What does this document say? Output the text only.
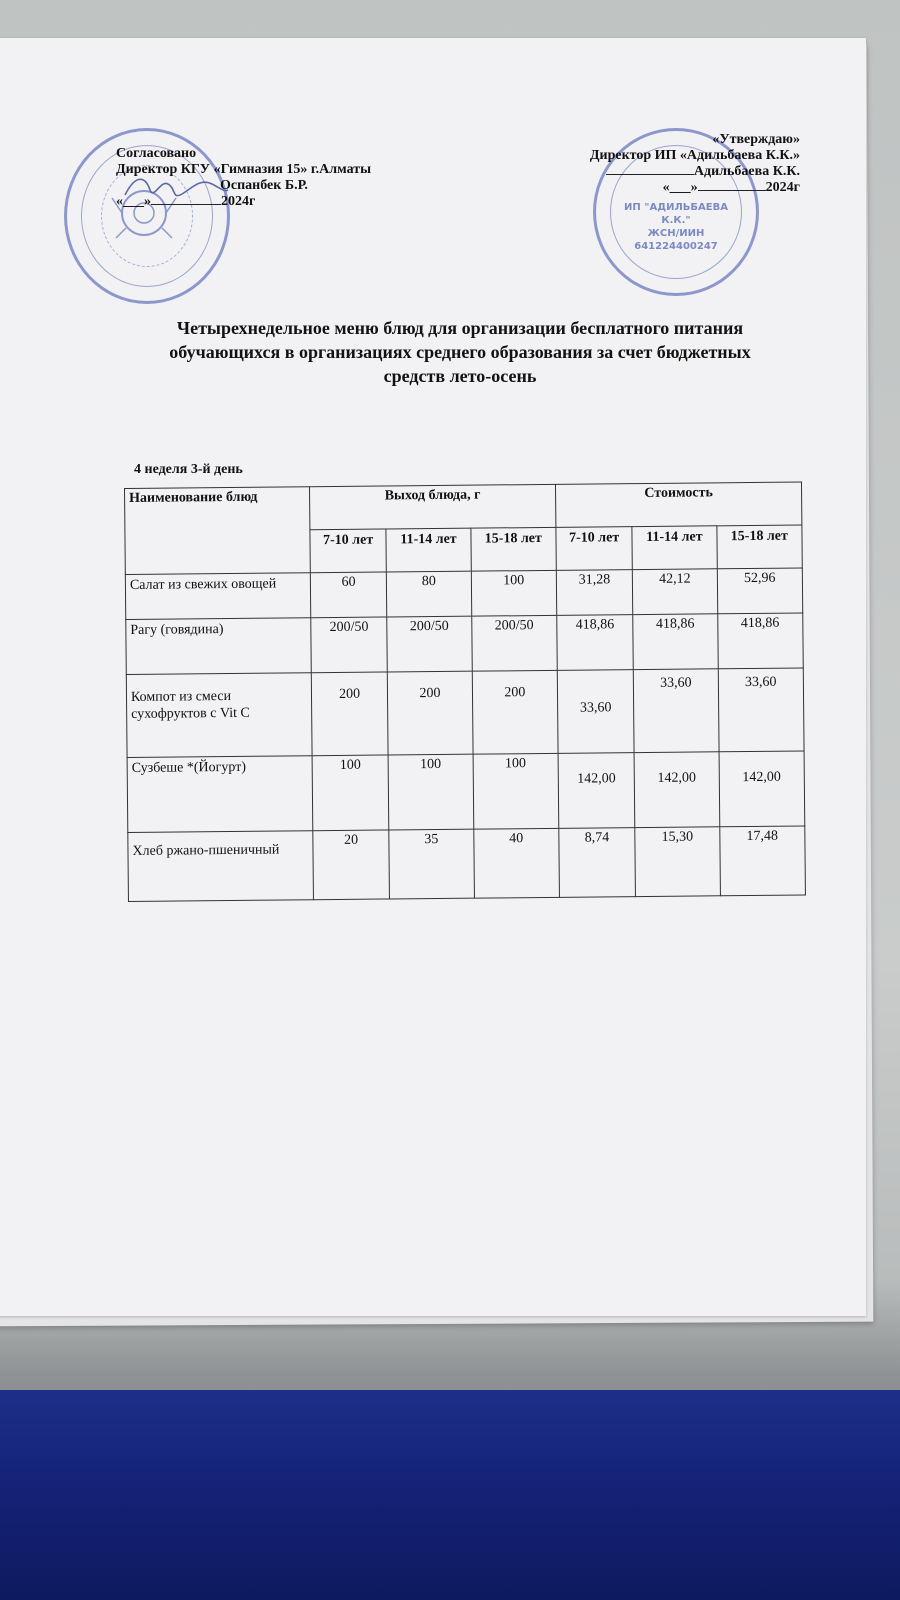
ИП "АДИЛЬБАЕВА К.К."
ЖСН/ИИН
641224400247
Согласовано
Директор КГУ «Гимназия 15» г.Алматы
Оспанбек Б.Р.
«___»	2024г
«Утверждаю»
Директор ИП «Адильбаева К.К.»
Адильбаева К.К.
«___»	2024г
Четырехнедельное меню блюд для организации бесплатного питания
обучающихся в организациях среднего образования за счет бюджетных
средств лето-осень
4 неделя 3-й день
Наименование блюд	Выход блюда, г			Стоимость		
	7-10 лет	11-14 лет	15-18 лет	7-10 лет	11-14 лет	15-18 лет
Салат из свежих овощей	60	80	100	31,28	42,12	52,96
Рагу (говядина)	200/50	200/50	200/50	418,86	418,86	418,86
Компот из смеси сухофруктов с Vit C	200	200	200	33,60	33,60	33,60
Сузбеше *(Йогурт)	100	100	100	142,00	142,00	142,00
Хлеб ржано-пшеничный	20	35	40	8,74	15,30	17,48
